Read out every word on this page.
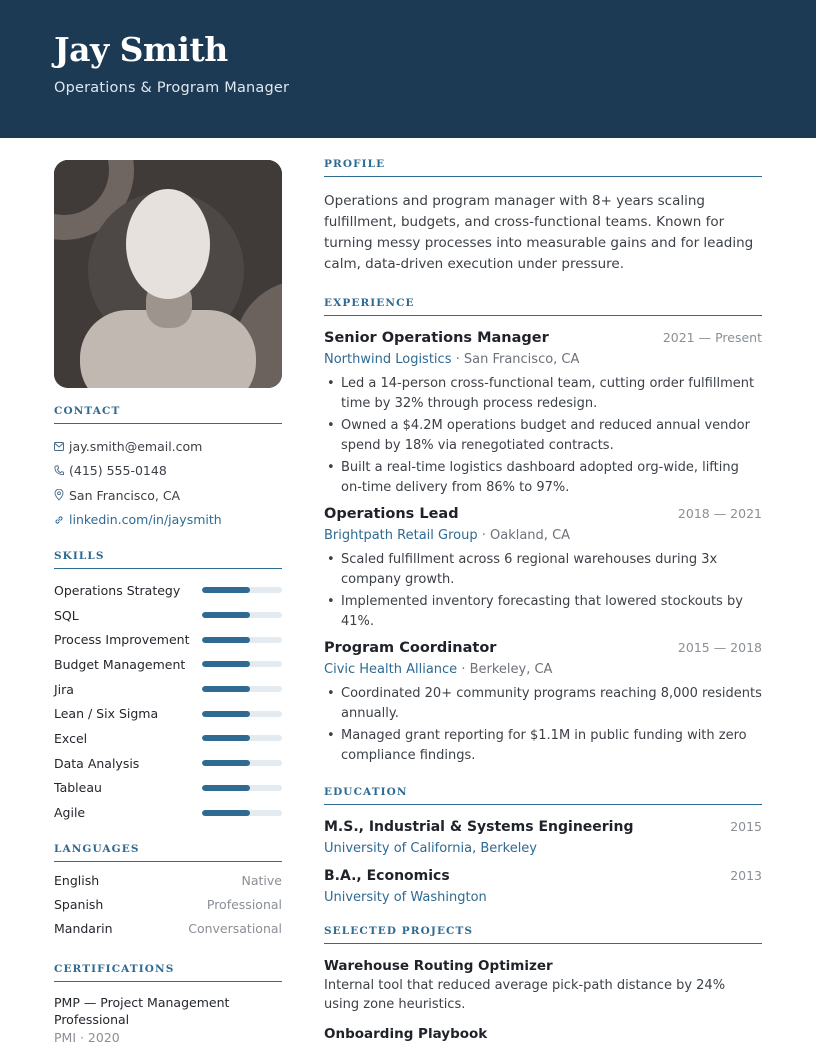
Jay Smith
Operations & Program Manager
CONTACT
jay.smith@email.com
(415) 555-0148
San Francisco, CA
linkedin.com/in/jaysmith
SKILLS
Operations Strategy
SQL
Process Improvement
Budget Management
Jira
Lean / Six Sigma
Excel
Data Analysis
Tableau
Agile
LANGUAGES
English	Native
Spanish	Professional
Mandarin	Conversational
CERTIFICATIONS
PMP — Project Management Professional
PMI · 2020
PROFILE
Operations and program manager with 8+ years scaling fulfillment, budgets, and cross-functional teams. Known for turning messy processes into measurable gains and for leading calm, data-driven execution under pressure.
EXPERIENCE
Senior Operations Manager	2021 — Present
Northwind Logistics · San Francisco, CA
• Led a 14-person cross-functional team, cutting order fulfillment time by 32% through process redesign.
• Owned a $4.2M operations budget and reduced annual vendor spend by 18% via renegotiated contracts.
• Built a real-time logistics dashboard adopted org-wide, lifting on-time delivery from 86% to 97%.
Operations Lead	2018 — 2021
Brightpath Retail Group · Oakland, CA
• Scaled fulfillment across 6 regional warehouses during 3x company growth.
• Implemented inventory forecasting that lowered stockouts by 41%.
Program Coordinator	2015 — 2018
Civic Health Alliance · Berkeley, CA
• Coordinated 20+ community programs reaching 8,000 residents annually.
• Managed grant reporting for $1.1M in public funding with zero compliance findings.
EDUCATION
M.S., Industrial & Systems Engineering	2015
University of California, Berkeley
B.A., Economics	2013
University of Washington
SELECTED PROJECTS
Warehouse Routing Optimizer
Internal tool that reduced average pick-path distance by 24% using zone heuristics.
Onboarding Playbook
